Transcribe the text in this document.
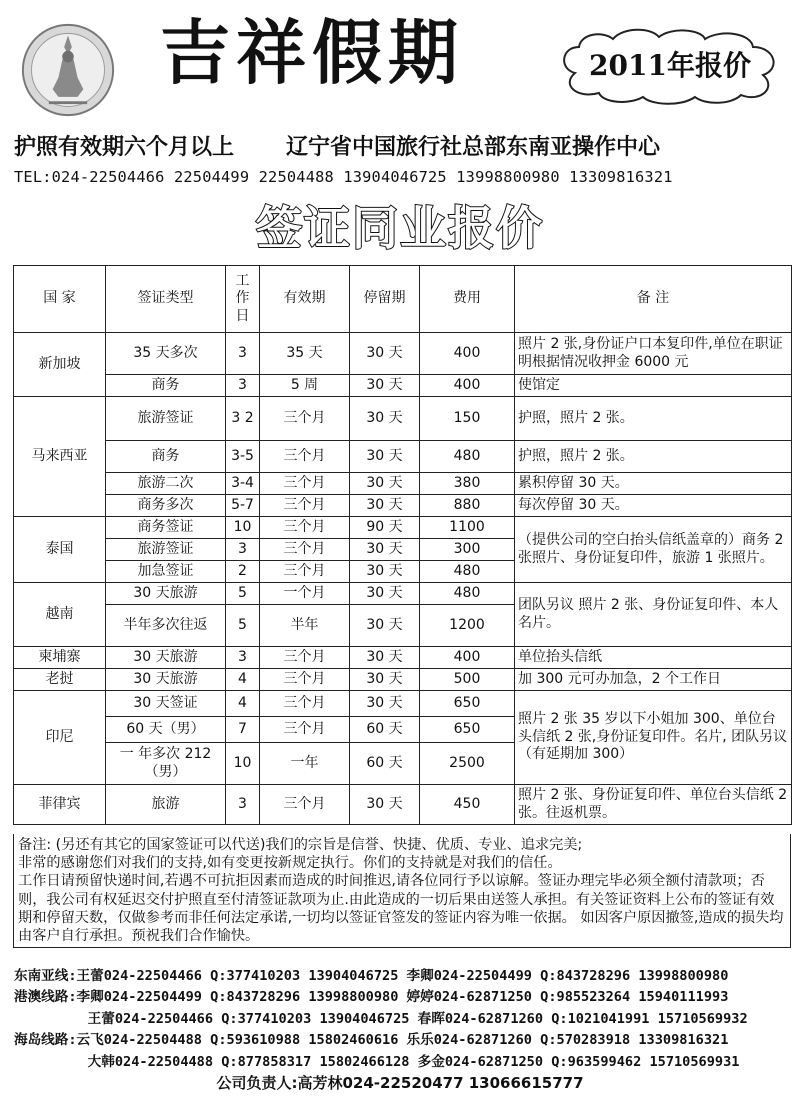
吉祥假期	2011年报价
护照有效期六个月以上 辽宁省中国旅行社总部东南亚操作中心
TEL:024-22504466 22504499 22504488 13904046725 13998800980 13309816321
签证同业报价
国 家	签证类型	工作日	有效期	停留期	费用	备 注
新加坡	35 天多次	3	35 天	30 天	400	照片 2 张,身份证户口本复印件,单位在职证明根据情况收押金 6000 元
	商务	3	5 周	30 天	400	使馆定
马来西亚	旅游签证	3 2	三个月	30 天	150	护照，照片 2 张。
	商务	3-5	三个月	30 天	480	护照，照片 2 张。
	旅游二次	3-4	三个月	30 天	380	累积停留 30 天。
	商务多次	5-7	三个月	30 天	880	每次停留 30 天。
泰国	商务签证	10	三个月	90 天	1100	（提供公司的空白抬头信纸盖章的）商务 2 张照片、身份证复印件，旅游 1 张照片。
	旅游签证	3	三个月	30 天	300	
	加急签证	2	三个月	30 天	480	
越南	30 天旅游	5	一个月	30 天	480	团队另议 照片 2 张、身份证复印件、本人名片。
	半年多次往返	5	半年	30 天	1200	
柬埔寨	30 天旅游	3	三个月	30 天	400	单位抬头信纸
老挝	30 天旅游	4	三个月	30 天	500	加 300 元可办加急，2 个工作日
印尼	30 天签证	4	三个月	30 天	650	照片 2 张 35 岁以下小姐加 300、单位台头信纸 2 张,身份证复印件。名片, 团队另议（有延期加 300）
	60 天（男）	7	三个月	60 天	650	
	一 年多次 212（男）	10	一年	60 天	2500	
菲律宾	旅游	3	三个月	30 天	450	照片 2 张、身份证复印件、单位台头信纸 2 张。往返机票。

备注: (另还有其它的国家签证可以代送)我们的宗旨是信誉、快捷、优质、专业、追求完美;

非常的感谢您们对我们的支持,如有变更按新规定执行。你们的支持就是对我们的信任。

工作日请预留快递时间,若遇不可抗拒因素而造成的时间推迟,请各位同行予以谅解。签证办理完毕必须全额付清款项；否则，我公司有权延迟交付护照直至付清签证款项为止.由此造成的一切后果由送签人承担。有关签证资料上公布的签证有效期和停留天数，仅做参考而非任何法定承诺,一切均以签证官签发的签证内容为唯一依据。 如因客户原因撤签,造成的损失均由客户自行承担。预祝我们合作愉快。

东南亚线:王蕾024-22504466 Q:377410203 13904046725 李卿024-22504499 Q:843728296 13998800980
港澳线路:李卿024-22504499 Q:843728296 13998800980 婷婷024-62871250 Q:985523264 15940111993
王蕾024-22504466 Q:377410203 13904046725 春晖024-62871260 Q:1021041991 15710569932
海岛线路:云飞024-22504488 Q:593610988 15802460616 乐乐024-62871260 Q:570283918 13309816321
大韩024-22504488 Q:877858317 15802466128 多金024-62871250 Q:963599462 15710569931
公司负责人:高芳林024-22520477 13066615777
